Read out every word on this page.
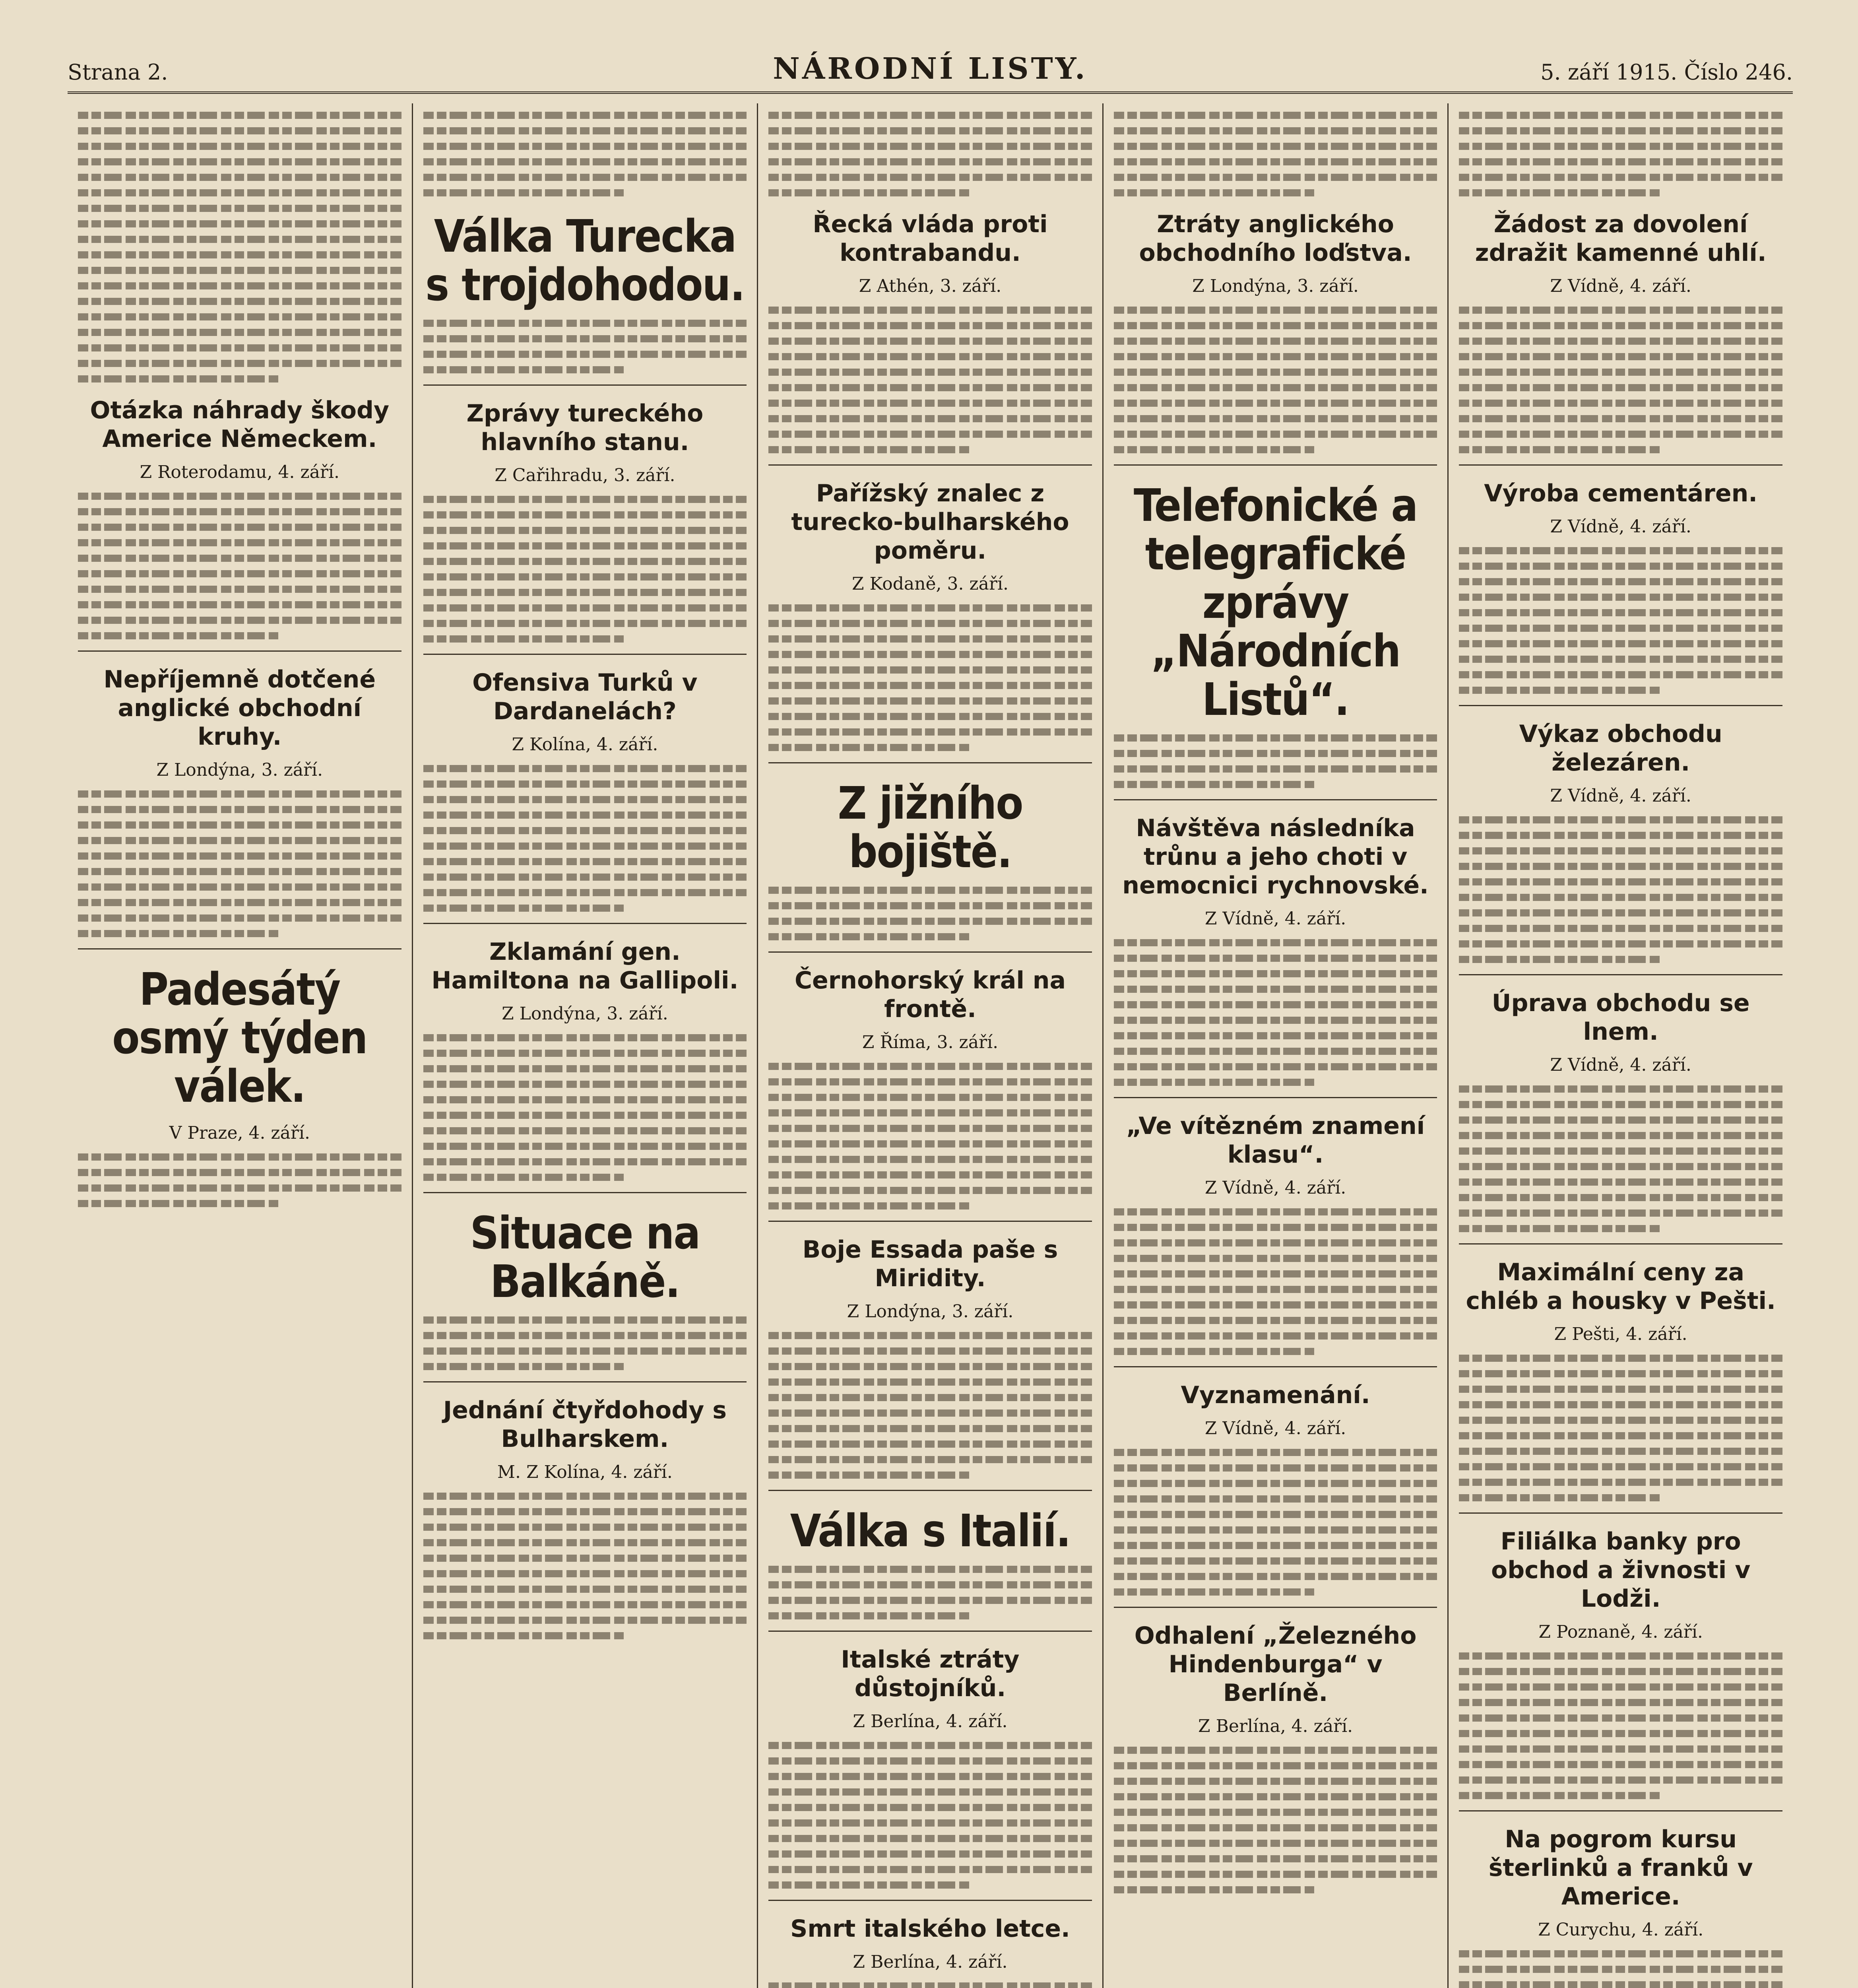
Strana 2.	NÁRODNÍ LISTY.	5. září 1915. Číslo 246.
Otázka náhrady škody Americe Německem.
Z Roterodamu, 4. září.
Nepříjemně dotčené anglické obchodní kruhy.
Z Londýna, 3. září.
Padesátý osmý týden válek.
V Praze, 4. září.
Válka Turecka s trojdohodou.
Zprávy tureckého hlavního stanu.
Z Cařihradu, 3. září.
Ofensiva Turků v Dardanelách?
Z Kolína, 4. září.
Zklamání gen. Hamiltona na Gallipoli.
Z Londýna, 3. září.
Situace na Balkáně.
Jednání čtyřdohody s Bulharskem.
M. Z Kolína, 4. září.
Řecká vláda proti kontrabandu.
Z Athén, 3. září.
Pařížský znalec z turecko-bulharského poměru.
Z Kodaně, 3. září.
Z jižního bojiště.
Černohorský král na frontě.
Z Říma, 3. září.
Boje Essada paše s Miridity.
Z Londýna, 3. září.
Válka s Italií.
Italské ztráty důstojníků.
Z Berlína, 4. září.
Smrt italského letce.
Z Berlína, 4. září.
Ztráty anglického obchodního loďstva.
Z Londýna, 3. září.
Telefonické a telegrafické zprávy „Národních Listů“.
Návštěva následníka trůnu a jeho choti v nemocnici rychnovské.
Z Vídně, 4. září.
„Ve vítězném znamení klasu“.
Z Vídně, 4. září.
Vyznamenání.
Z Vídně, 4. září.
Odhalení „Železného Hindenburga“ v Berlíně.
Z Berlína, 4. září.
Žádost za dovolení zdražit kamenné uhlí.
Z Vídně, 4. září.
Výroba cementáren.
Z Vídně, 4. září.
Výkaz obchodu železáren.
Z Vídně, 4. září.
Úprava obchodu se lnem.
Z Vídně, 4. září.
Maximální ceny za chléb a housky v Pešti.
Z Pešti, 4. září.
Filiálka banky pro obchod a živnosti v Lodži.
Z Poznaně, 4. září.
Na pogrom kursu šterlinků a franků v Americe.
Z Curychu, 4. září.
